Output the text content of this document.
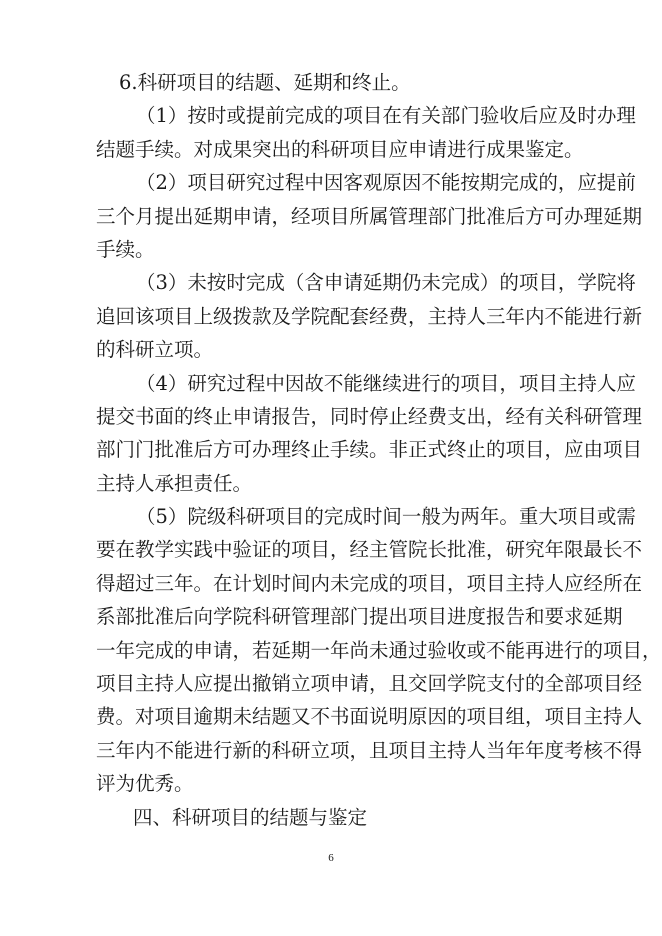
6.科研项目的结题、延期和终止。
（1）按时或提前完成的项目在有关部门验收后应及时办理
结题手续。对成果突出的科研项目应申请进行成果鉴定。
（2）项目研究过程中因客观原因不能按期完成的，应提前
三个月提出延期申请，经项目所属管理部门批准后方可办理延期
手续。
（3）未按时完成（含申请延期仍未完成）的项目，学院将
追回该项目上级拨款及学院配套经费，主持人三年内不能进行新
的科研立项。
（4）研究过程中因故不能继续进行的项目，项目主持人应
提交书面的终止申请报告，同时停止经费支出，经有关科研管理
部门门批准后方可办理终止手续。非正式终止的项目，应由项目
主持人承担责任。
（5）院级科研项目的完成时间一般为两年。重大项目或需
要在教学实践中验证的项目，经主管院长批准，研究年限最长不
得超过三年。在计划时间内未完成的项目，项目主持人应经所在
系部批准后向学院科研管理部门提出项目进度报告和要求延期
一年完成的申请，若延期一年尚未通过验收或不能再进行的项目，
项目主持人应提出撤销立项申请，且交回学院支付的全部项目经
费。对项目逾期未结题又不书面说明原因的项目组，项目主持人
三年内不能进行新的科研立项，且项目主持人当年年度考核不得
评为优秀。
四、科研项目的结题与鉴定
6
